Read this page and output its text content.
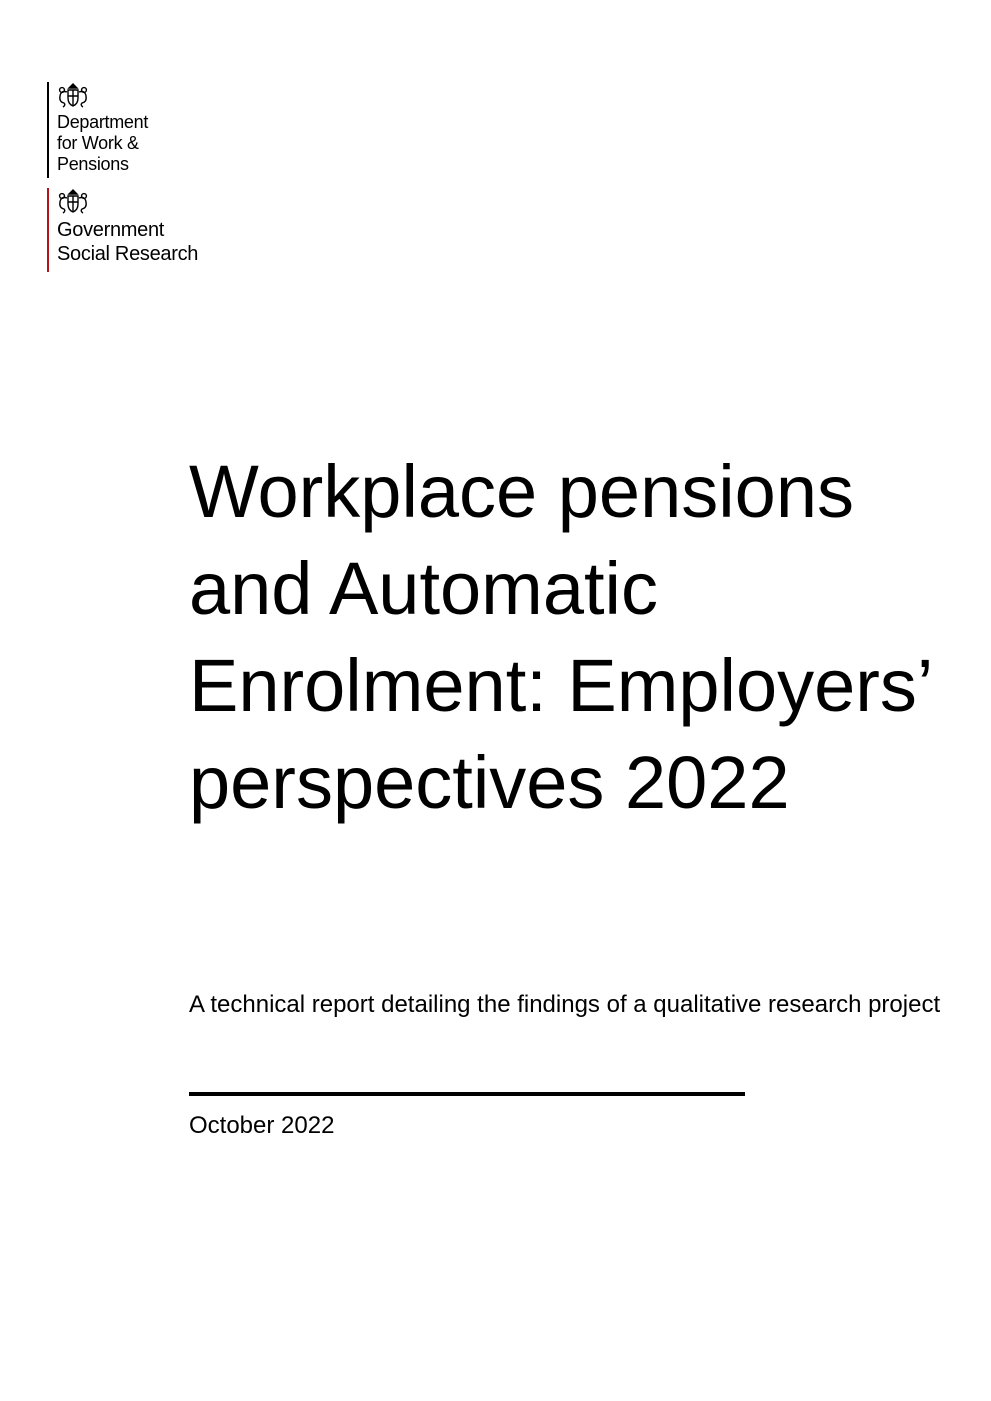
Department
for Work &
Pensions
Government
Social Research
Workplace pensions and Automatic Enrolment: Employers’ perspectives 2022

A technical report detailing the findings of a qualitative research project

October 2022
